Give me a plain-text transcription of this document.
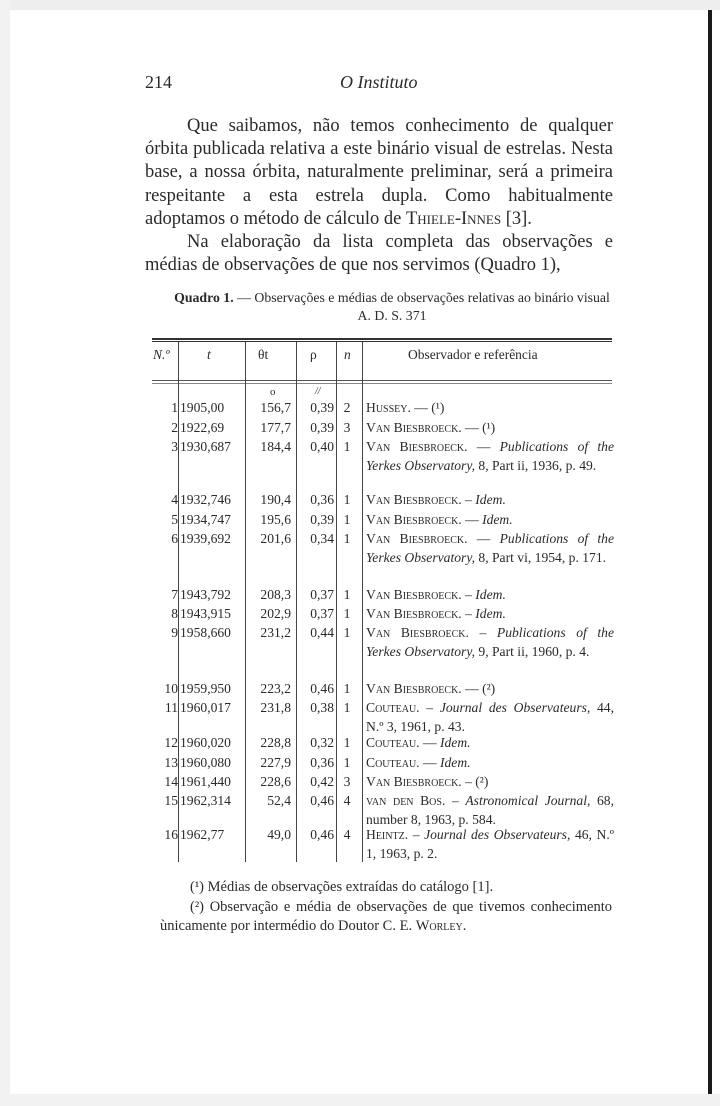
214	O Instituto

Que saibamos, não temos conhecimento de qualquer órbita publicada relativa a este binário visual de estrelas. Nesta base, a nossa órbita, naturalmente preliminar, será a primeira respeitante a esta estrela dupla. Como habitualmente adoptamos o método de cálculo de Thiele-Innes [3].

Na elaboração da lista completa das observações e médias de observações de que nos servimos (Quadro 1),

Quadro 1. — Observações e médias de observações relativas ao binário visual A. D. S. 371
N.º	t	θt	ρ n	Observador e referência
o	//
1 1905,00	156,7	0,39 2	Hussey. — (¹)
2 1922,69	177,7	0,39 3	Van Biesbroeck. — (¹)
3 1930,687	184,4	0,40 1	Van Biesbroeck. — Publications of the Yerkes Observatory, 8, Part ii, 1936, p. 49.
4 1932,746	190,4	0,36 1	Van Biesbroeck. – Idem.
5 1934,747	195,6	0,39 1	Van Biesbroeck. — Idem.
6 1939,692	201,6	0,34 1	Van Biesbroeck. — Publications of the Yerkes Observatory, 8, Part vi, 1954, p. 171.
7 1943,792	208,3	0,37 1	Van Biesbroeck. – Idem.
8 1943,915	202,9	0,37 1	Van Biesbroeck. – Idem.
9 1958,660	231,2	0,44 1	Van Biesbroeck. – Publications of the Yerkes Observatory, 9, Part ii, 1960, p. 4.
10 1959,950	223,2	0,46 1	Van Biesbroeck. — (²)
11 1960,017	231,8	0,38 1	Couteau. – Journal des Observateurs, 44, N.º 3, 1961, p. 43.
12 1960,020	228,8	0,32 1	Couteau. — Idem.
13 1960,080	227,9	0,36 1	Couteau. — Idem.
14 1961,440	228,6	0,42 3	Van Biesbroeck. – (²)
15 1962,314	52,4	0,46 4	van den Bos. – Astronomical Journal, 68, number 8, 1963, p. 584.
16 1962,77	49,0	0,46 4	Heintz. – Journal des Observateurs, 46, N.º 1, 1963, p. 2.

(¹) Médias de observações extraídas do catálogo [1].

(²) Observação e média de observações de que tivemos conhecimento ùnicamente por intermédio do Doutor C. E. Worley.
